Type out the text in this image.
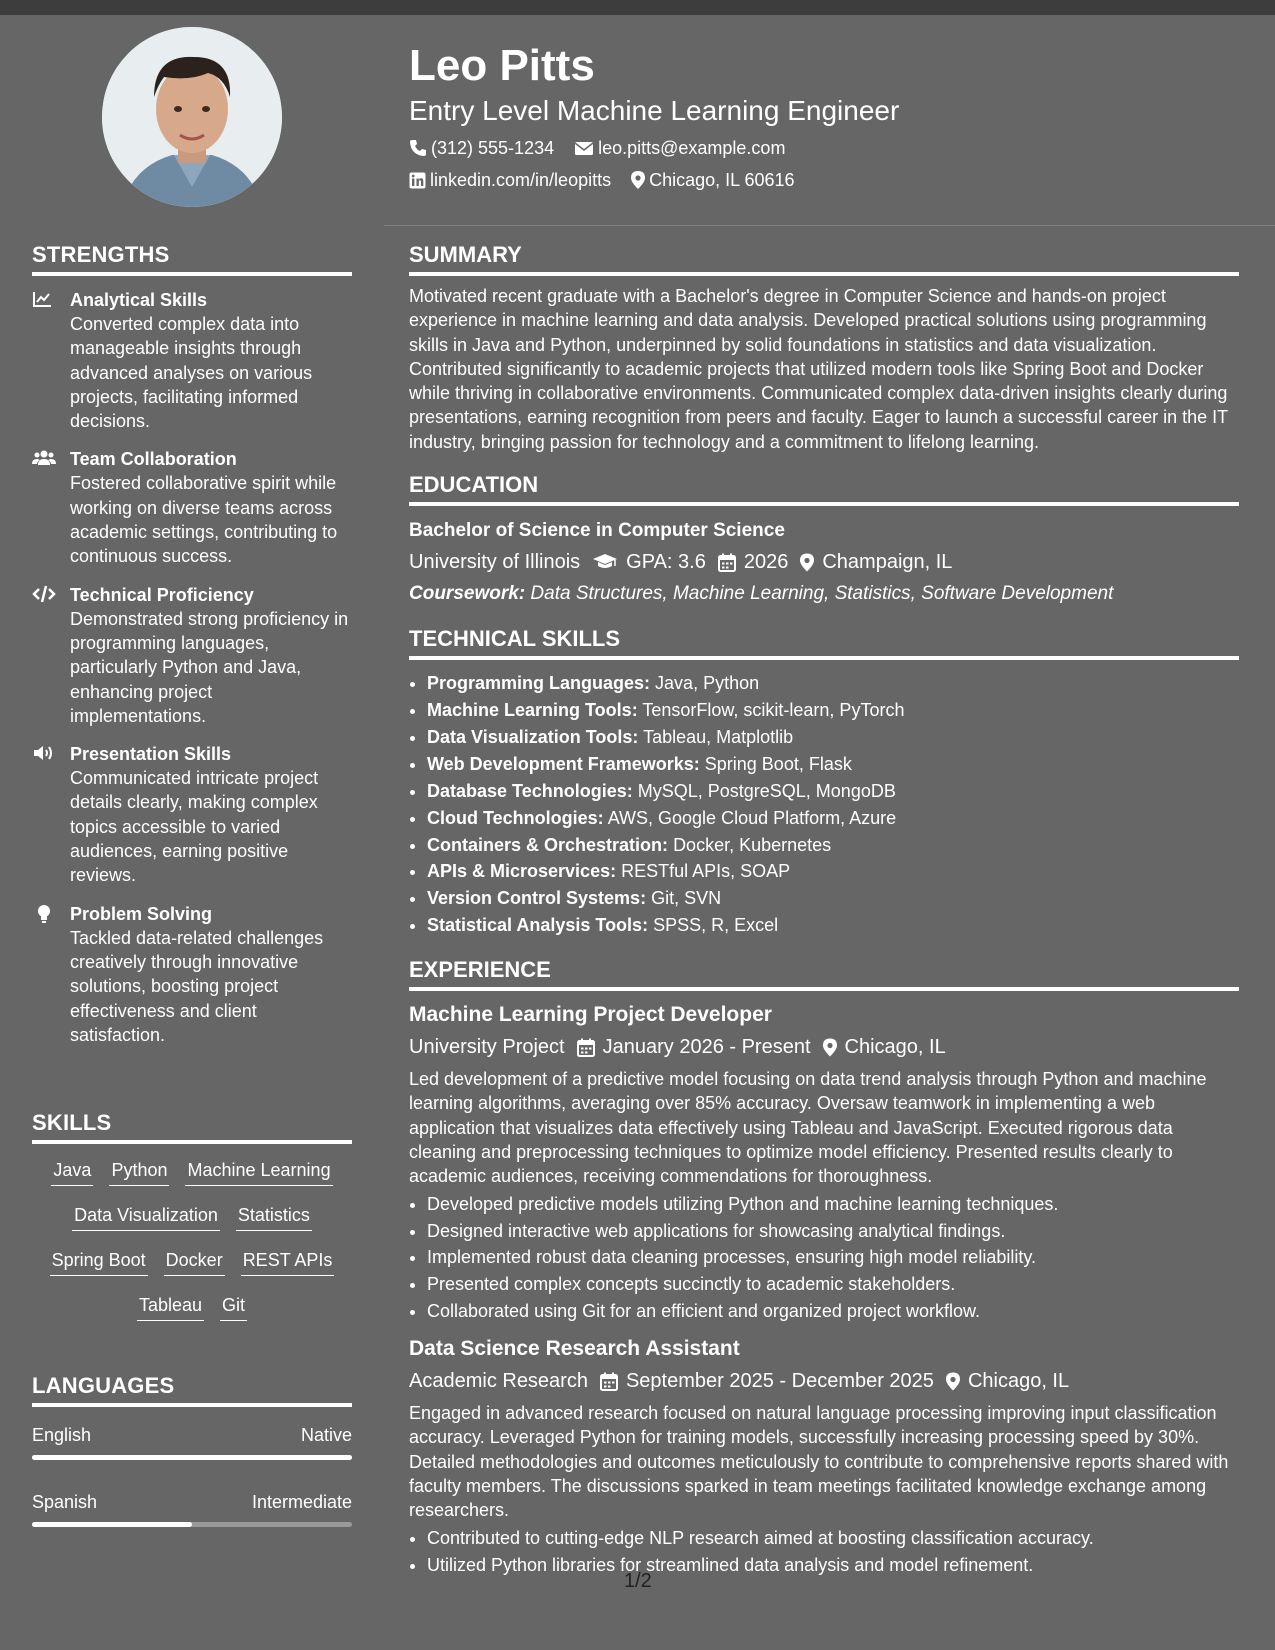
STRENGTHS
Analytical Skills
Converted complex data into manageable insights through advanced analyses on various projects, facilitating informed decisions.
Team Collaboration
Fostered collaborative spirit while working on diverse teams across academic settings, contributing to continuous success.
Technical Proficiency
Demonstrated strong proficiency in programming languages, particularly Python and Java, enhancing project implementations.
Presentation Skills
Communicated intricate project details clearly, making complex topics accessible to varied audiences, earning positive reviews.
Problem Solving
Tackled data-related challenges creatively through innovative solutions, boosting project effectiveness and client satisfaction.
SKILLS
Java Python Machine Learning
Data Visualization Statistics
Spring Boot Docker REST APIs
Tableau Git
LANGUAGES
English	Native
Spanish	Intermediate
Leo Pitts
Entry Level Machine Learning Engineer
(312) 555-1234 leo.pitts@example.com
linkedin.com/in/leopitts Chicago, IL 60616
SUMMARY

Motivated recent graduate with a Bachelor's degree in Computer Science and hands-on project experience in machine learning and data analysis. Developed practical solutions using programming skills in Java and Python, underpinned by solid foundations in statistics and data visualization. Contributed significantly to academic projects that utilized modern tools like Spring Boot and Docker while thriving in collaborative environments. Communicated complex data-driven insights clearly during presentations, earning recognition from peers and faculty. Eager to launch a successful career in the IT industry, bringing passion for technology and a commitment to lifelong learning.

EDUCATION
Bachelor of Science in Computer Science
University of Illinois GPA: 3.6 2026 Champaign, IL
Coursework: Data Structures, Machine Learning, Statistics, Software Development
TECHNICAL SKILLS
• Programming Languages: Java, Python
• Machine Learning Tools: TensorFlow, scikit-learn, PyTorch
• Data Visualization Tools: Tableau, Matplotlib
• Web Development Frameworks: Spring Boot, Flask
• Database Technologies: MySQL, PostgreSQL, MongoDB
• Cloud Technologies: AWS, Google Cloud Platform, Azure
• Containers & Orchestration: Docker, Kubernetes
• APIs & Microservices: RESTful APIs, SOAP
• Version Control Systems: Git, SVN
• Statistical Analysis Tools: SPSS, R, Excel
EXPERIENCE
Machine Learning Project Developer
University Project January 2026 - Present Chicago, IL

Led development of a predictive model focusing on data trend analysis through Python and machine learning algorithms, averaging over 85% accuracy. Oversaw teamwork in implementing a web application that visualizes data effectively using Tableau and JavaScript. Executed rigorous data cleaning and preprocessing techniques to optimize model efficiency. Presented results clearly to academic audiences, receiving commendations for thoroughness.

• Developed predictive models utilizing Python and machine learning techniques.
• Designed interactive web applications for showcasing analytical findings.
• Implemented robust data cleaning processes, ensuring high model reliability.
• Presented complex concepts succinctly to academic stakeholders.
• Collaborated using Git for an efficient and organized project workflow.
Data Science Research Assistant
Academic Research September 2025 - December 2025 Chicago, IL

Engaged in advanced research focused on natural language processing improving input classification accuracy. Leveraged Python for training models, successfully increasing processing speed by 30%. Detailed methodologies and outcomes meticulously to contribute to comprehensive reports shared with faculty members. The discussions sparked in team meetings facilitated knowledge exchange among researchers.

• Contributed to cutting-edge NLP research aimed at boosting classification accuracy.
• Utilized Python libraries for streamlined data analysis and model refinement.
1/2
